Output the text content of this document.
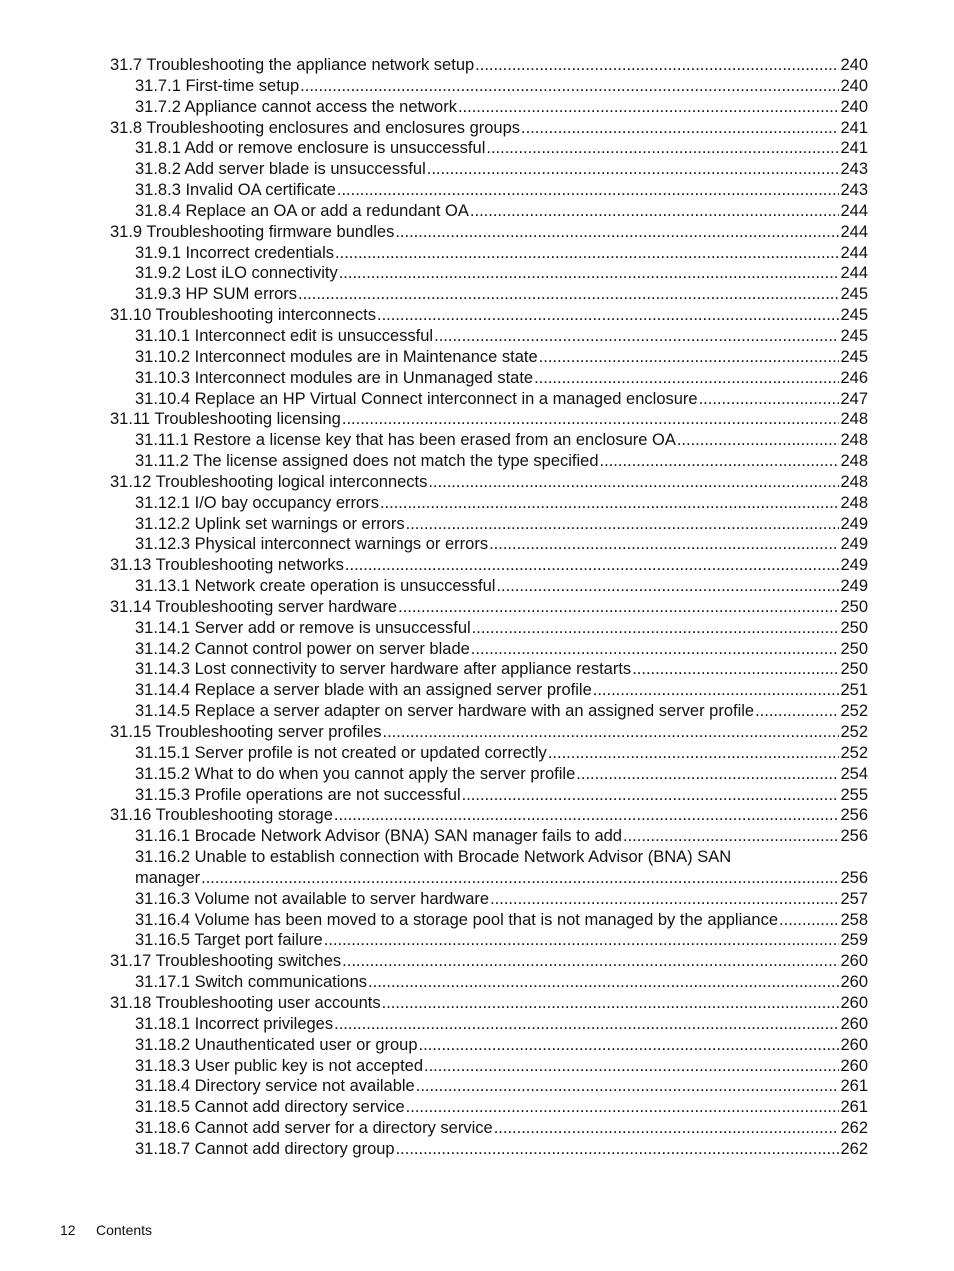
31.7 Troubleshooting the appliance network setup .....	240
31.7.1 First-time setup .....	240
31.7.2 Appliance cannot access the network .....	240
31.8 Troubleshooting enclosures and enclosures groups .....	241
31.8.1 Add or remove enclosure is unsuccessful .....	241
31.8.2 Add server blade is unsuccessful .....	243
31.8.3 Invalid OA certificate .....	243
31.8.4 Replace an OA or add a redundant OA .....	244
31.9 Troubleshooting firmware bundles .....	244
31.9.1 Incorrect credentials .....	244
31.9.2 Lost iLO connectivity .....	244
31.9.3 HP SUM errors .....	245
31.10 Troubleshooting interconnects .....	245
31.10.1 Interconnect edit is unsuccessful .....	245
31.10.2 Interconnect modules are in Maintenance state .....	245
31.10.3 Interconnect modules are in Unmanaged state .....	246
31.10.4 Replace an HP Virtual Connect interconnect in a managed enclosure .....	247
31.11 Troubleshooting licensing .....	248
31.11.1 Restore a license key that has been erased from an enclosure OA .....	248
31.11.2 The license assigned does not match the type specified .....	248
31.12 Troubleshooting logical interconnects .....	248
31.12.1 I/O bay occupancy errors .....	248
31.12.2 Uplink set warnings or errors .....	249
31.12.3 Physical interconnect warnings or errors .....	249
31.13 Troubleshooting networks .....	249
31.13.1 Network create operation is unsuccessful .....	249
31.14 Troubleshooting server hardware .....	250
31.14.1 Server add or remove is unsuccessful .....	250
31.14.2 Cannot control power on server blade .....	250
31.14.3 Lost connectivity to server hardware after appliance restarts .....	250
31.14.4 Replace a server blade with an assigned server profile .....	251
31.14.5 Replace a server adapter on server hardware with an assigned server profile .....	252
31.15 Troubleshooting server profiles .....	252
31.15.1 Server profile is not created or updated correctly .....	252
31.15.2 What to do when you cannot apply the server profile .....	254
31.15.3 Profile operations are not successful .....	255
31.16 Troubleshooting storage .....	256
31.16.1 Brocade Network Advisor (BNA) SAN manager fails to add .....	256
31.16.2 Unable to establish connection with Brocade Network Advisor (BNA) SAN
manager .....	256
31.16.3 Volume not available to server hardware .....	257
31.16.4 Volume has been moved to a storage pool that is not managed by the appliance .....	258
31.16.5 Target port failure .....	259
31.17 Troubleshooting switches .....	260
31.17.1 Switch communications .....	260
31.18 Troubleshooting user accounts .....	260
31.18.1 Incorrect privileges .....	260
31.18.2 Unauthenticated user or group .....	260
31.18.3 User public key is not accepted .....	260
31.18.4 Directory service not available .....	261
31.18.5 Cannot add directory service .....	261
31.18.6 Cannot add server for a directory service .....	262
31.18.7 Cannot add directory group .....	262
12 Contents
